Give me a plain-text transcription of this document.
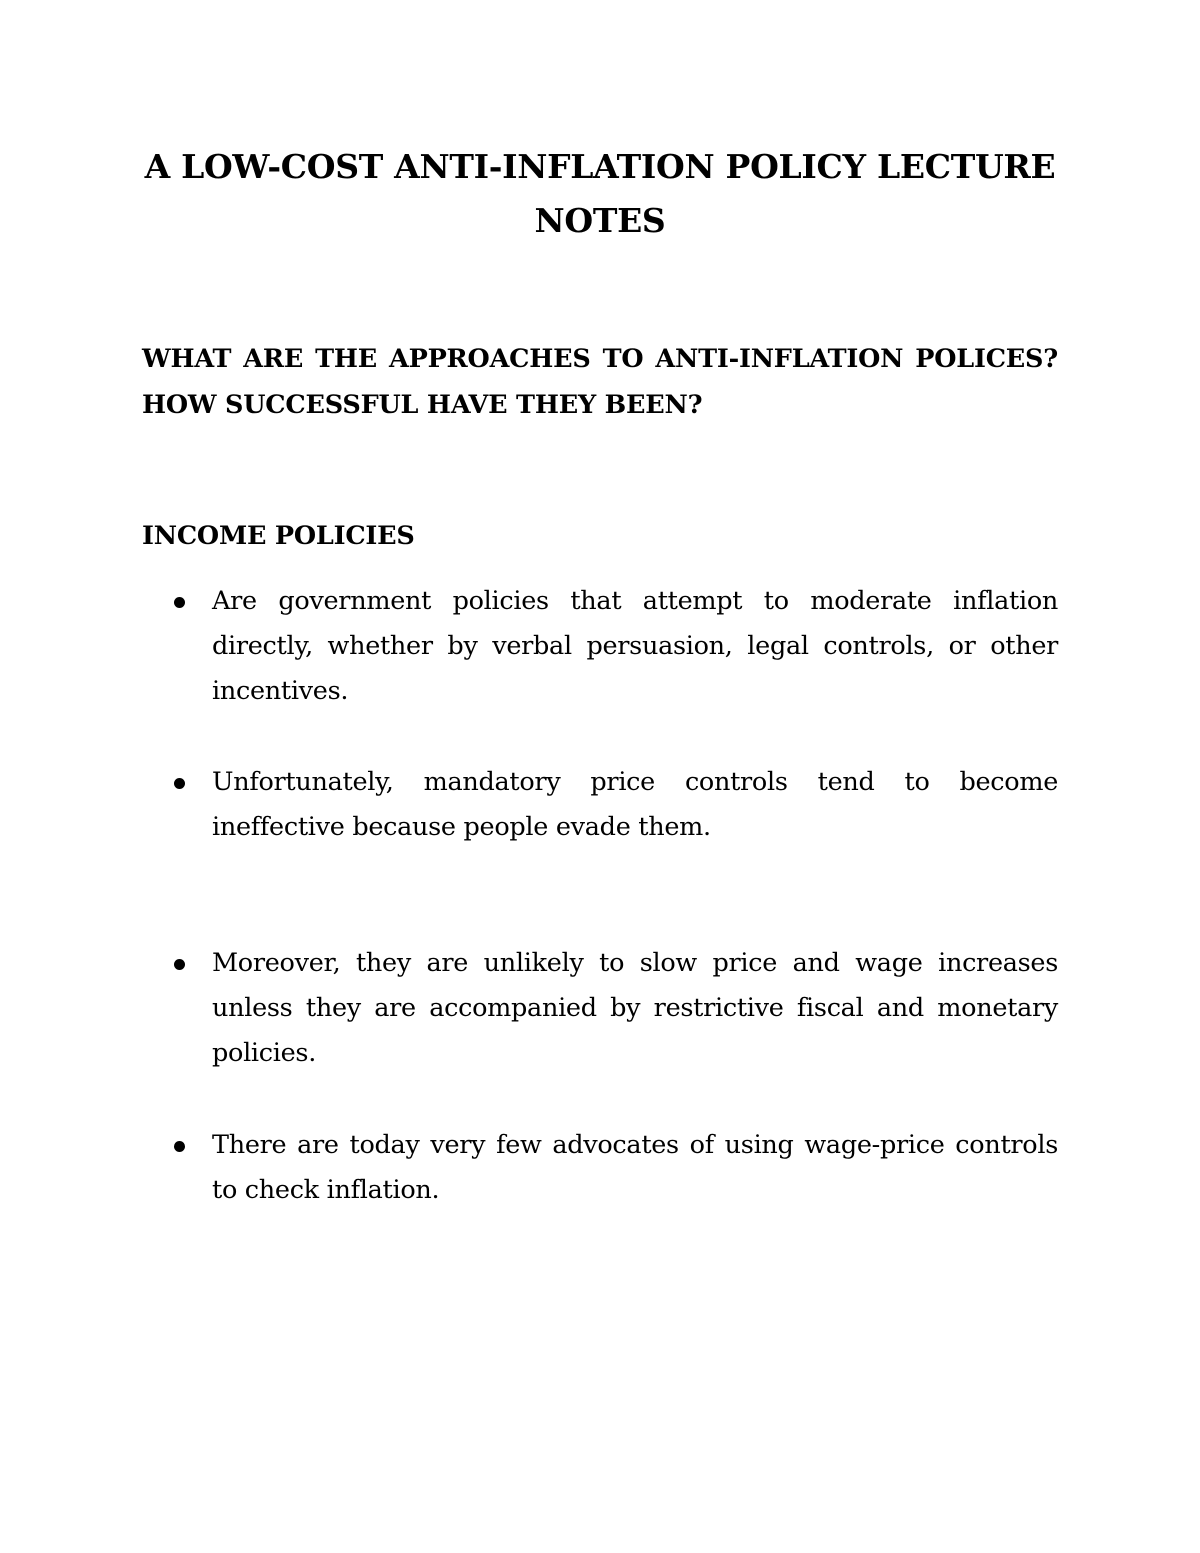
A LOW-COST ANTI-INFLATION POLICY LECTURE NOTES

WHAT ARE THE APPROACHES TO ANTI-INFLATION POLICES? HOW SUCCESSFUL HAVE THEY BEEN?

INCOME POLICIES

Are government policies that attempt to moderate inflation directly, whether by verbal persuasion, legal controls, or other incentives.

Unfortunately, mandatory price controls tend to become ineffective because people evade them.

Moreover, they are unlikely to slow price and wage increases unless they are accompanied by restrictive fiscal and monetary policies.

There are today very few advocates of using wage-price controls to check inflation.
